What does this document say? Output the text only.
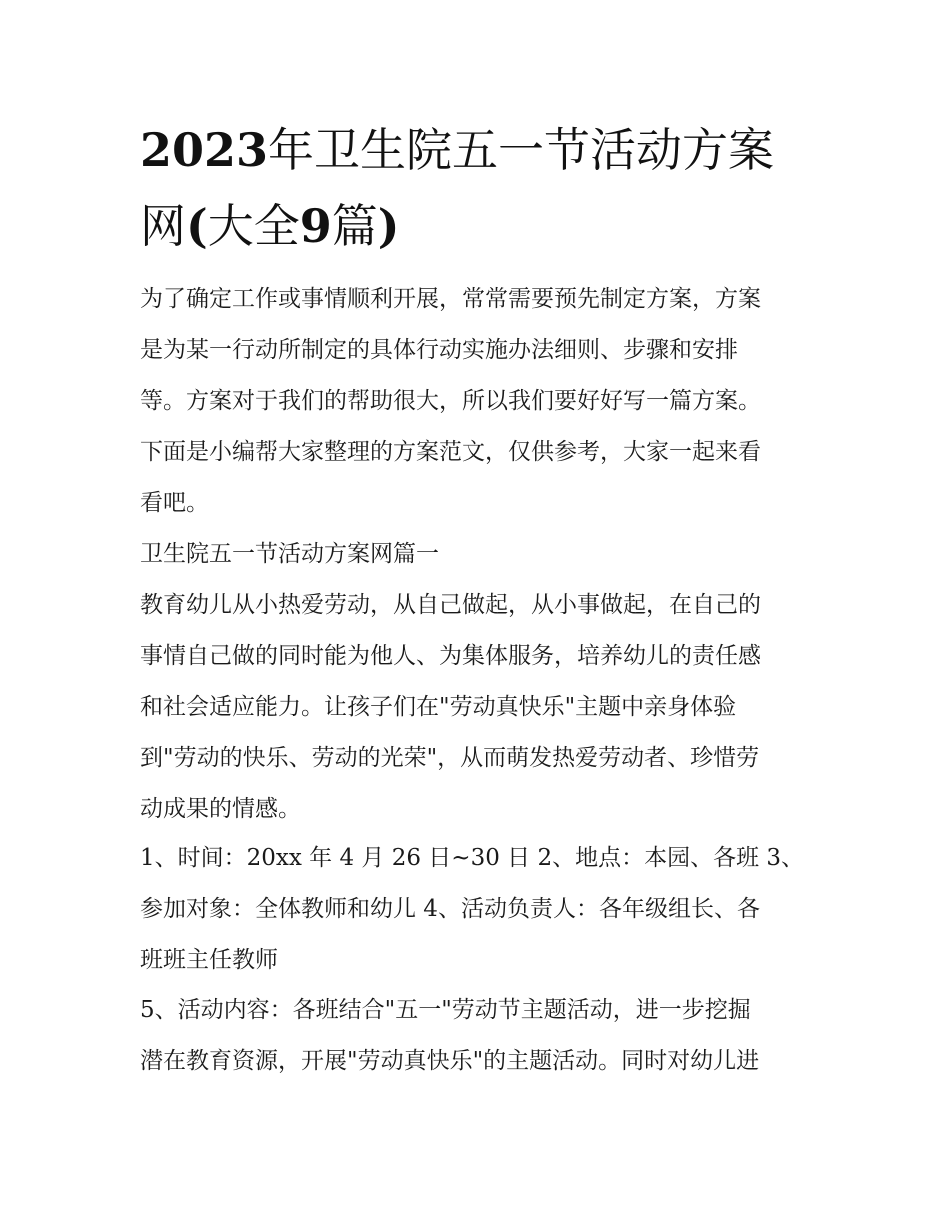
2023年卫生院五一节活动方案
网(大全9篇)
为了确定工作或事情顺利开展，常常需要预先制定方案，方案
是为某一行动所制定的具体行动实施办法细则、步骤和安排
等。方案对于我们的帮助很大，所以我们要好好写一篇方案。
下面是小编帮大家整理的方案范文，仅供参考，大家一起来看
看吧。
卫生院五一节活动方案网篇一
教育幼儿从小热爱劳动，从自己做起，从小事做起，在自己的
事情自己做的同时能为他人、为集体服务，培养幼儿的责任感
和社会适应能力。让孩子们在"劳动真快乐"主题中亲身体验
到"劳动的快乐、劳动的光荣"，从而萌发热爱劳动者、珍惜劳
动成果的情感。
1、时间：20xx 年 4 月 26 日~30 日 2、地点：本园、各班 3、
参加对象：全体教师和幼儿 4、活动负责人：各年级组长、各
班班主任教师
5、活动内容：各班结合"五一"劳动节主题活动，进一步挖掘
潜在教育资源，开展"劳动真快乐"的主题活动。同时对幼儿进
